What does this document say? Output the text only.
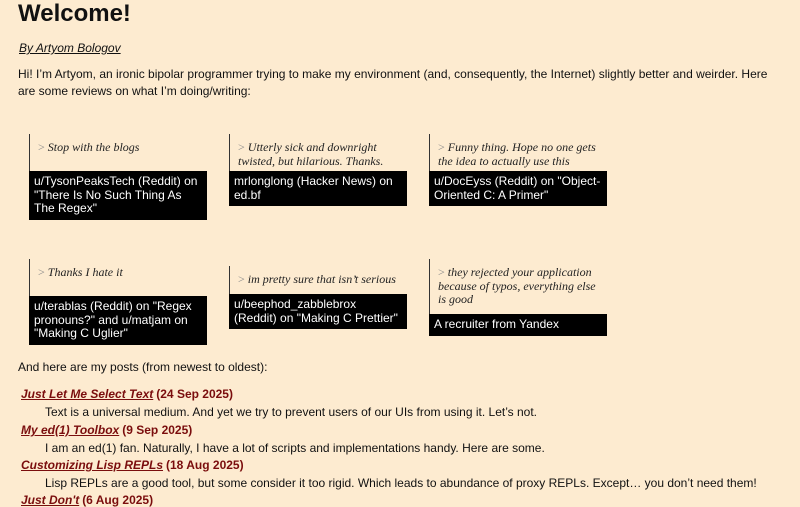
Welcome!
By Artyom Bologov
Hi! I’m Artyom, an ironic bipolar programmer trying to make my environment (and, consequently, the Internet) slightly better and weirder. Here are some reviews on what I’m doing/writing:
> Stop with the blogs
u/TysonPeaksTech (Reddit) on "There Is No Such Thing As The Regex"
> Utterly sick and downright twisted, but hilarious. Thanks.
mrlonglong (Hacker News) on ed.bf
> Funny thing. Hope no one gets the idea to actually use this
u/DocEyss (Reddit) on "Object-Oriented C: A Primer"
> Thanks I hate it
u/terablas (Reddit) on "Regex pronouns?" and u/matjam on "Making C Uglier"
> im pretty sure that isn’t serious
u/beephod_zabblebrox (Reddit) on "Making C Prettier"
> they rejected your application because of typos, everything else is good
A recruiter from Yandex
And here are my posts (from newest to oldest):
Just Let Me Select Text (24 Sep 2025)
Text is a universal medium. And yet we try to prevent users of our UIs from using it. Let’s not.
My ed(1) Toolbox (9 Sep 2025)
I am an ed(1) fan. Naturally, I have a lot of scripts and implementations handy. Here are some.
Customizing Lisp REPLs (18 Aug 2025)
Lisp REPLs are a good tool, but some consider it too rigid. Which leads to abundance of proxy REPLs. Except… you don’t need them!
Just Don't (6 Aug 2025)
